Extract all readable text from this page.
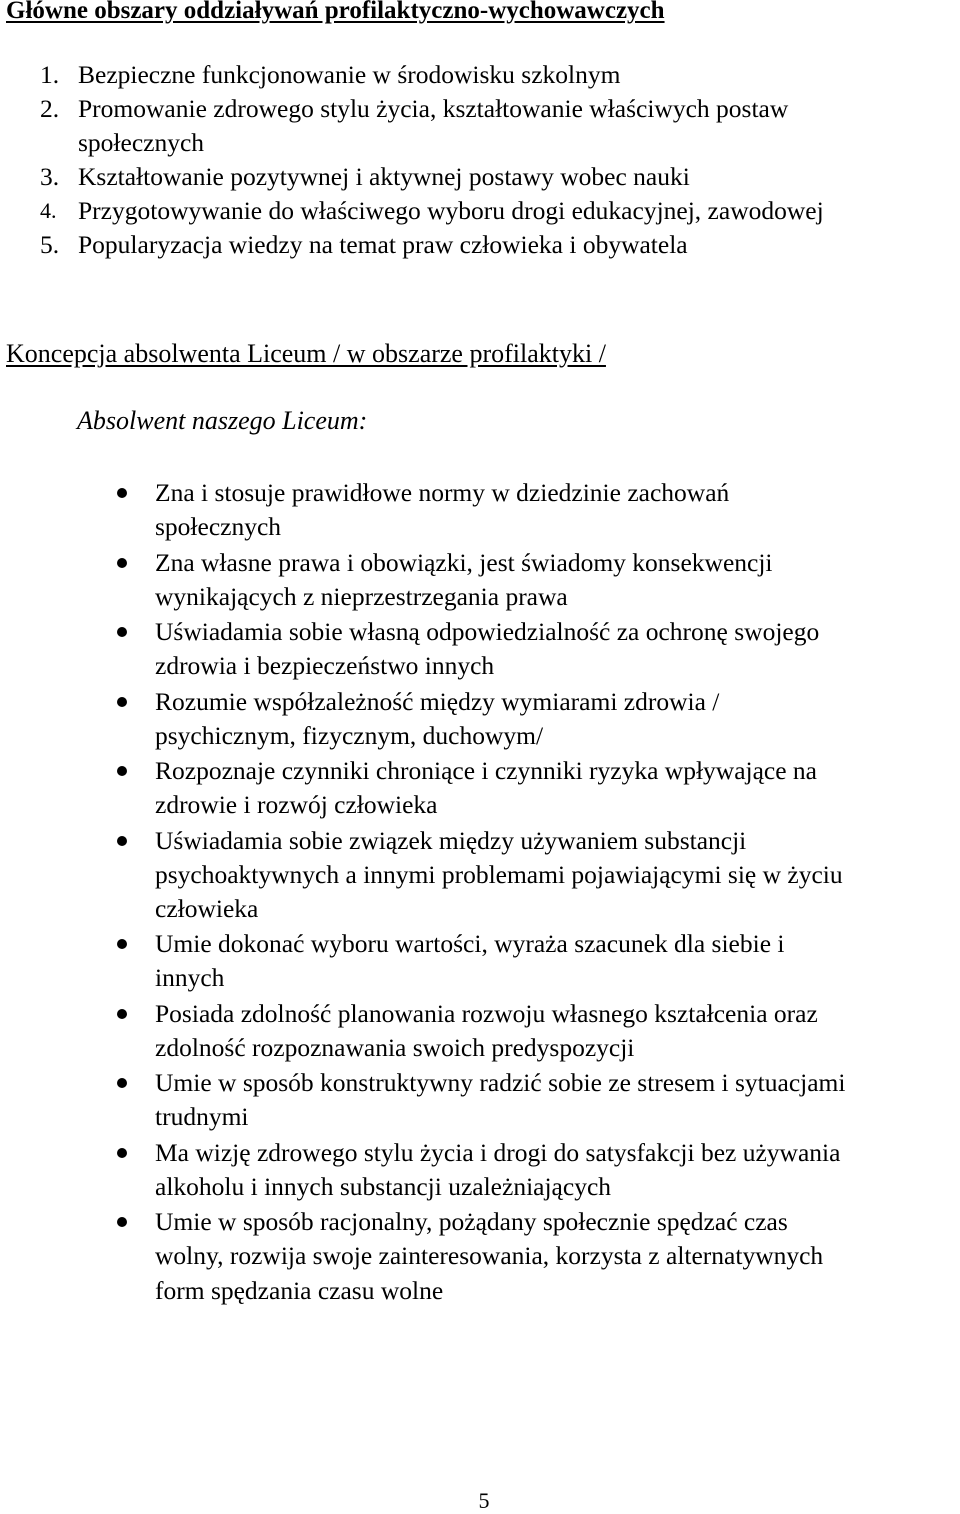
Główne obszary oddziaływań profilaktyczno-wychowawczych
1. Bezpieczne funkcjonowanie w środowisku szkolnym
2. Promowanie zdrowego stylu życia, kształtowanie właściwych postaw
społecznych
3. Kształtowanie pozytywnej i aktywnej postawy wobec nauki
4. Przygotowywanie do właściwego wyboru drogi edukacyjnej, zawodowej
5. Popularyzacja wiedzy na temat praw człowieka i obywatela
Koncepcja absolwenta Liceum / w obszarze profilaktyki /
Absolwent naszego Liceum:
Zna i stosuje prawidłowe normy w dziedzinie zachowań
społecznych
Zna własne prawa i obowiązki, jest świadomy konsekwencji
wynikających z nieprzestrzegania prawa
Uświadamia sobie własną odpowiedzialność za ochronę swojego
zdrowia i bezpieczeństwo innych
Rozumie współzależność między wymiarami zdrowia /
psychicznym, fizycznym, duchowym/
Rozpoznaje czynniki chroniące i czynniki ryzyka wpływające na
zdrowie i rozwój człowieka
Uświadamia sobie związek między używaniem substancji
psychoaktywnych a innymi problemami pojawiającymi się w życiu
człowieka
Umie dokonać wyboru wartości, wyraża szacunek dla siebie i
innych
Posiada zdolność planowania rozwoju własnego kształcenia oraz
zdolność rozpoznawania swoich predyspozycji
Umie w sposób konstruktywny radzić sobie ze stresem i sytuacjami
trudnymi
Ma wizję zdrowego stylu życia i drogi do satysfakcji bez używania
alkoholu i innych substancji uzależniających
Umie w sposób racjonalny, pożądany społecznie spędzać czas
wolny, rozwija swoje zainteresowania, korzysta z alternatywnych
form spędzania czasu wolne
5
